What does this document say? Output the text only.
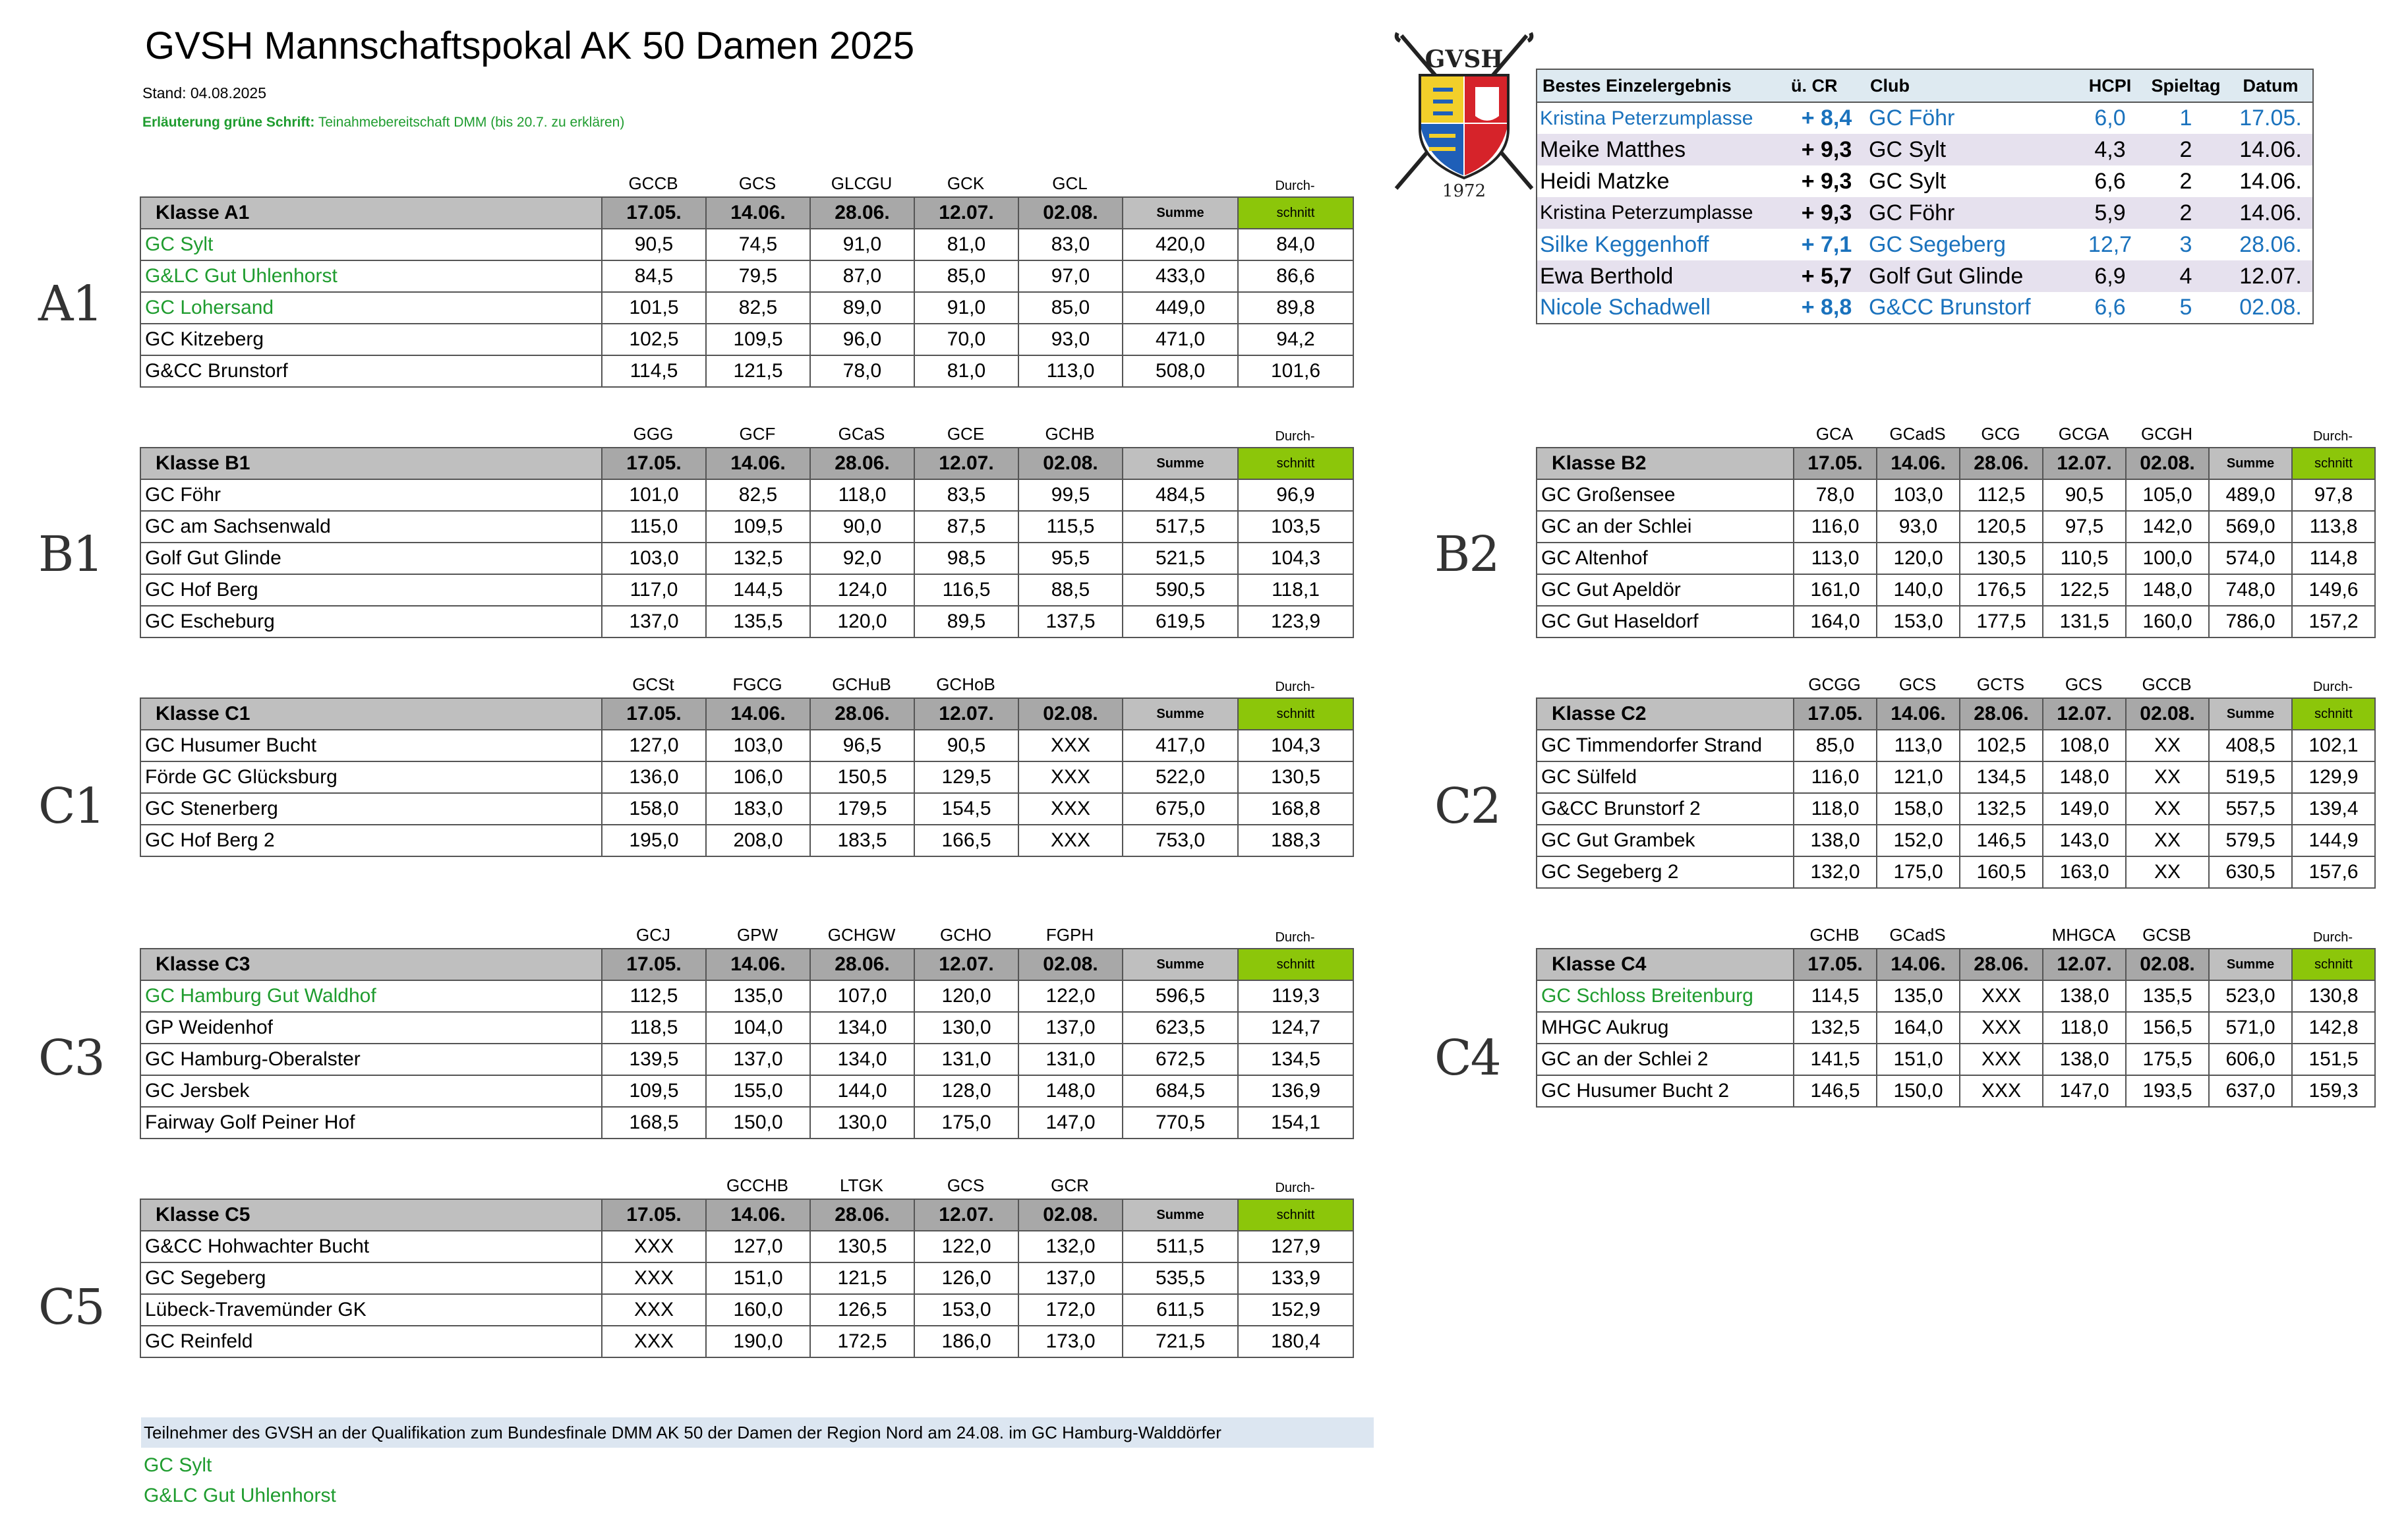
GVSH Mannschaftspokal AK 50 Damen 2025
Stand: 04.08.2025
Erläuterung grüne Schrift: Teinahmebereitschaft DMM (bis 20.7. zu erklären)
GVSH
1972
A1
B1	B2
C1	C2
C3	C4
C5
GCCB	GCS	GLCGU	GCK	GCL	Durch-
Klasse A1	17.05.	14.06.	28.06.	12.07.	02.08.	Summe	schnitt
GC Sylt	90,5	74,5	91,0	81,0	83,0	420,0	84,0
G&LC Gut Uhlenhorst	84,5	79,5	87,0	85,0	97,0	433,0	86,6
GC Lohersand	101,5	82,5	89,0	91,0	85,0	449,0	89,8
GC Kitzeberg	102,5	109,5	96,0	70,0	93,0	471,0	94,2
G&CC Brunstorf	114,5	121,5	78,0	81,0	113,0	508,0	101,6
GGG	GCF	GCaS	GCE	GCHB	Durch-
Klasse B1	17.05.	14.06.	28.06.	12.07.	02.08.	Summe	schnitt
GC Föhr	101,0	82,5	118,0	83,5	99,5	484,5	96,9
GC am Sachsenwald	115,0	109,5	90,0	87,5	115,5	517,5	103,5
Golf Gut Glinde	103,0	132,5	92,0	98,5	95,5	521,5	104,3
GC Hof Berg	117,0	144,5	124,0	116,5	88,5	590,5	118,1
GC Escheburg	137,0	135,5	120,0	89,5	137,5	619,5	123,9
GCA	GCadS	GCG	GCGA	GCGH	Durch-
Klasse B2	17.05.	14.06.	28.06.	12.07.	02.08.	Summe	schnitt
GC Großensee	78,0	103,0	112,5	90,5	105,0	489,0	97,8
GC an der Schlei	116,0	93,0	120,5	97,5	142,0	569,0	113,8
GC Altenhof	113,0	120,0	130,5	110,5	100,0	574,0	114,8
GC Gut Apeldör	161,0	140,0	176,5	122,5	148,0	748,0	149,6
GC Gut Haseldorf	164,0	153,0	177,5	131,5	160,0	786,0	157,2
GCSt	FGCG	GCHuB	GCHoB	Durch-
Klasse C1	17.05.	14.06.	28.06.	12.07.	02.08.	Summe	schnitt
GC Husumer Bucht	127,0	103,0	96,5	90,5	XXX	417,0	104,3
Förde GC Glücksburg	136,0	106,0	150,5	129,5	XXX	522,0	130,5
GC Stenerberg	158,0	183,0	179,5	154,5	XXX	675,0	168,8
GC Hof Berg 2	195,0	208,0	183,5	166,5	XXX	753,0	188,3
GCGG	GCS	GCTS	GCS	GCCB	Durch-
Klasse C2	17.05.	14.06.	28.06.	12.07.	02.08.	Summe	schnitt
GC Timmendorfer Strand	85,0	113,0	102,5	108,0	XX	408,5	102,1
GC Sülfeld	116,0	121,0	134,5	148,0	XX	519,5	129,9
G&CC Brunstorf 2	118,0	158,0	132,5	149,0	XX	557,5	139,4
GC Gut Grambek	138,0	152,0	146,5	143,0	XX	579,5	144,9
GC Segeberg 2	132,0	175,0	160,5	163,0	XX	630,5	157,6
GCJ	GPW	GCHGW	GCHO	FGPH	Durch-
Klasse C3	17.05.	14.06.	28.06.	12.07.	02.08.	Summe	schnitt
GC Hamburg Gut Waldhof	112,5	135,0	107,0	120,0	122,0	596,5	119,3
GP Weidenhof	118,5	104,0	134,0	130,0	137,0	623,5	124,7
GC Hamburg-Oberalster	139,5	137,0	134,0	131,0	131,0	672,5	134,5
GC Jersbek	109,5	155,0	144,0	128,0	148,0	684,5	136,9
Fairway Golf Peiner Hof	168,5	150,0	130,0	175,0	147,0	770,5	154,1
GCHB	GCadS	MHGCA	GCSB	Durch-
Klasse C4	17.05.	14.06.	28.06.	12.07.	02.08.	Summe	schnitt
GC Schloss Breitenburg	114,5	135,0	XXX	138,0	135,5	523,0	130,8
MHGC Aukrug	132,5	164,0	XXX	118,0	156,5	571,0	142,8
GC an der Schlei 2	141,5	151,0	XXX	138,0	175,5	606,0	151,5
GC Husumer Bucht 2	146,5	150,0	XXX	147,0	193,5	637,0	159,3
GCCHB	LTGK	GCS	GCR	Durch-
Klasse C5	17.05.	14.06.	28.06.	12.07.	02.08.	Summe	schnitt
G&CC Hohwachter Bucht	XXX	127,0	130,5	122,0	132,0	511,5	127,9
GC Segeberg	XXX	151,0	121,5	126,0	137,0	535,5	133,9
Lübeck-Travemünder GK	XXX	160,0	126,5	153,0	172,0	611,5	152,9
GC Reinfeld	XXX	190,0	172,5	186,0	173,0	721,5	180,4
Bestes Einzelergebnis	ü. CR	Club	HCPI	Spieltag	Datum
Kristina Peterzumplasse	+ 8,4	GC Föhr	6,0	1	17.05.
Meike Matthes	+ 9,3	GC Sylt	4,3	2	14.06.
Heidi Matzke	+ 9,3	GC Sylt	6,6	2	14.06.
Kristina Peterzumplasse	+ 9,3	GC Föhr	5,9	2	14.06.
Silke Keggenhoff	+ 7,1	GC Segeberg	12,7	3	28.06.
Ewa Berthold	+ 5,7	Golf Gut Glinde	6,9	4	12.07.
Nicole Schadwell	+ 8,8	G&CC Brunstorf	6,6	5	02.08.
Teilnehmer des GVSH an der Qualifikation zum Bundesfinale DMM AK 50 der Damen der Region Nord am 24.08. im GC Hamburg-Walddörfer
GC Sylt
G&LC Gut Uhlenhorst
